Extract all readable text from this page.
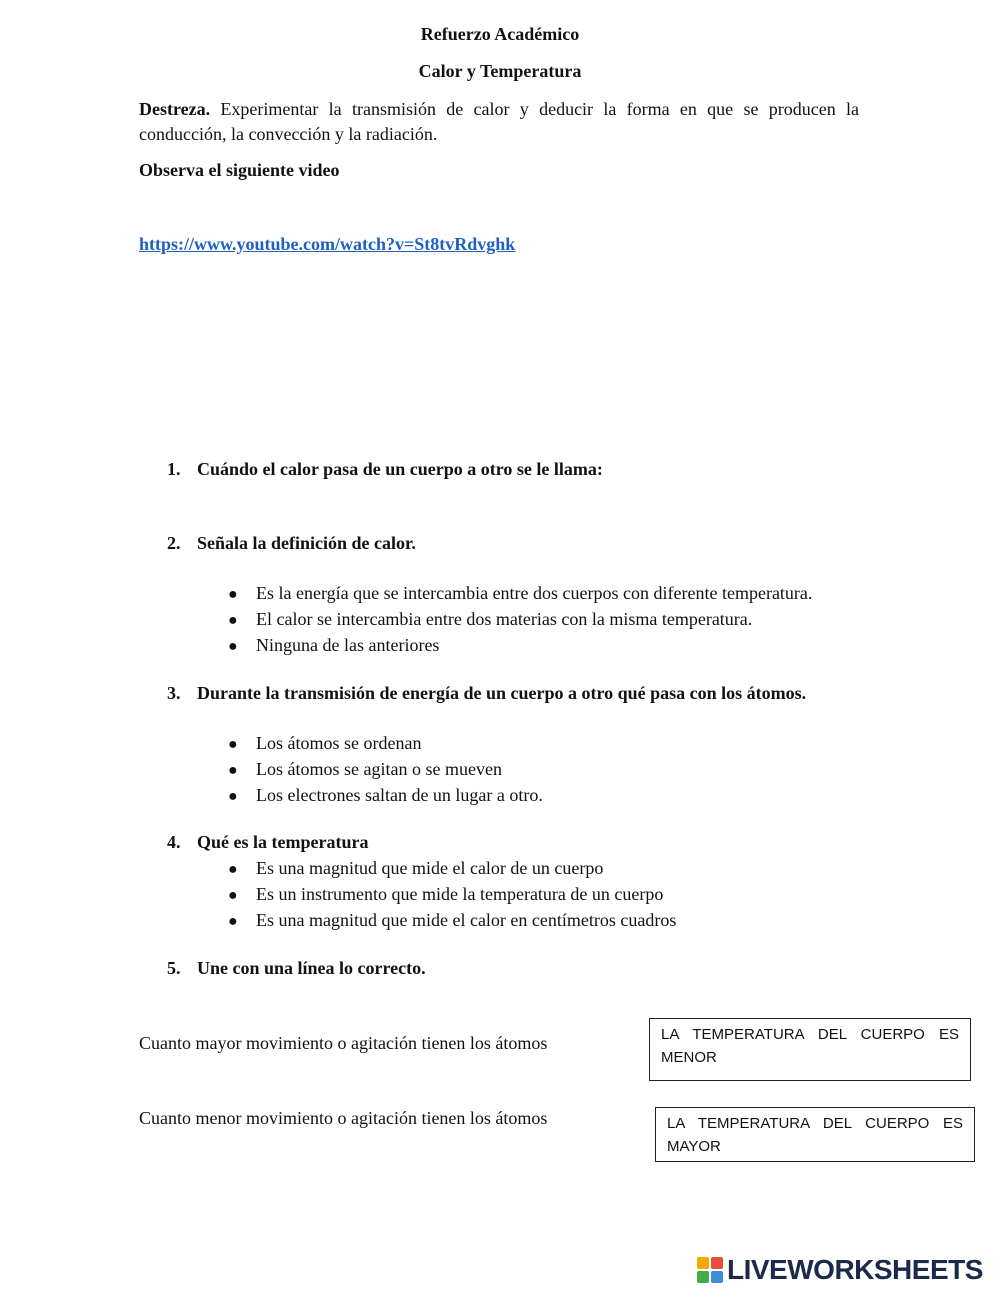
Refuerzo Académico
Calor y Temperatura
Destreza. Experimentar la transmisión de calor y deducir la forma en que se producen la conducción, la convección y la radiación.
Observa el siguiente video
https://www.youtube.com/watch?v=St8tvRdvghk
1. Cuándo el calor pasa de un cuerpo a otro se le llama:
2. Señala la definición de calor.
● Es la energía que se intercambia entre dos cuerpos con diferente temperatura.
● El calor se intercambia entre dos materias con la misma temperatura.
● Ninguna de las anteriores
3. Durante la transmisión de energía de un cuerpo a otro qué pasa con los átomos.
● Los átomos se ordenan
● Los átomos se agitan o se mueven
● Los electrones saltan de un lugar a otro.
4. Qué es la temperatura
● Es una magnitud que mide el calor de un cuerpo
● Es un instrumento que mide la temperatura de un cuerpo
● Es una magnitud que mide el calor en centímetros cuadros
5. Une con una línea lo correcto.
Cuanto mayor movimiento o agitación tienen los átomos
Cuanto menor movimiento o agitación tienen los átomos
LA TEMPERATURA DEL CUERPO ES MENOR
LA TEMPERATURA DEL CUERPO ES MAYOR
LIVEWORKSHEETS
